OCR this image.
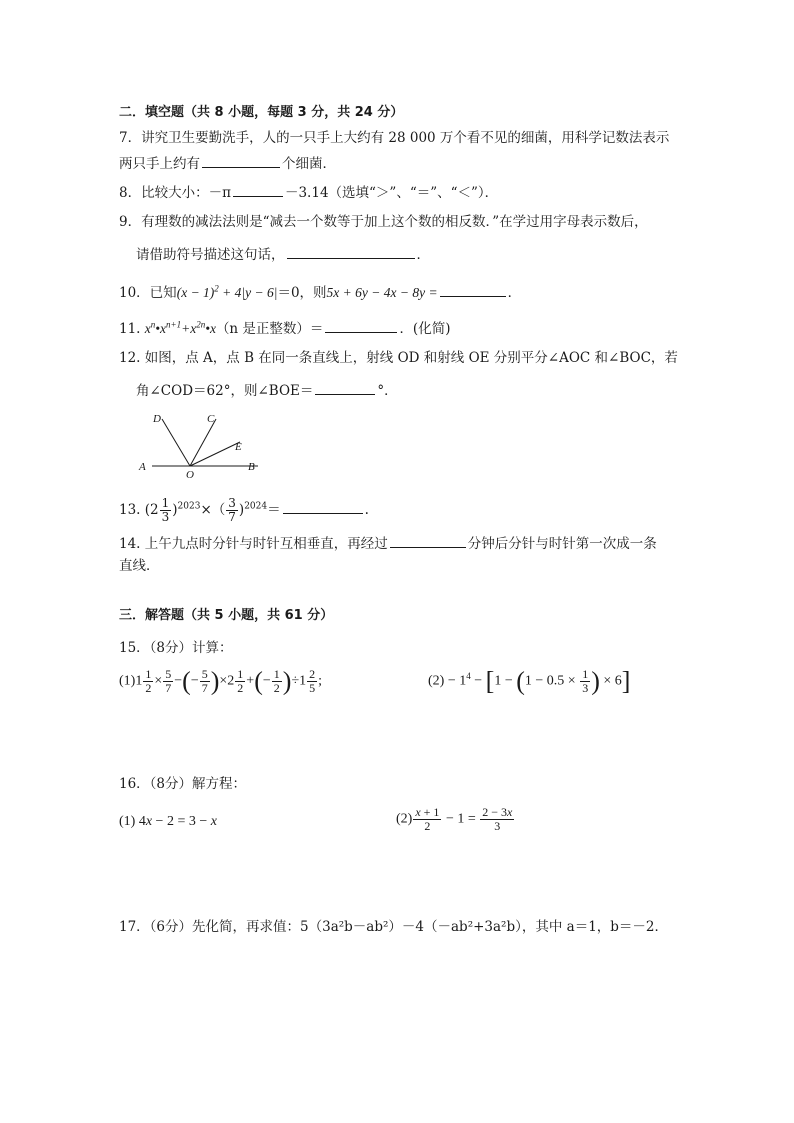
二．填空题（共 8 小题，每题 3 分，共 24 分）
7．讲究卫生要勤洗手，人的一只手上大约有 28 000 万个看不见的细菌，用科学记数法表示
两只手上约有	个细菌．
8．比较大小：－π	－3.14（选填“＞”、“＝”、“＜”）．
9．有理数的减法法则是“减去一个数等于加上这个数的相反数．”在学过用字母表示数后，
请借助符号描述这句话，	．
10．已知$(x - 1)^2 + 4|y - 6|=0$，则5x + 6y − 4x − 8y =	．
11. $x^n•x^{n+1}+x^{2n}•x(n$ 是正整数）＝	．(化简)
12. 如图，点 A，点 B 在同一条直线上，射线 OD 和射线 OE 分别平分∠AOC 和∠BOC，若
角∠COD＝62°，则∠BOE＝	°．
D	C
E
A
O
B
13. $(2 \frac{1}{3} )^{2023}\times( \frac{3}{7} )^{2024}=$	.
14. 上午九点时分针与时针互相垂直，再经过	分钟后分针与时针第一次成一条
直线．
三．解答题（共 5 小题，共 61 分）
15．（8分）计算：
$(1)1 \frac{1}{2} \times \frac{5}{7}$ −(− $\frac{5}{7} )\times 2 \frac{1}{2}$ +(− $\frac{1}{2} )\div 1 \frac{2}{5}$ ;	$(2) - 1^4 - [1 - (1 - 0.5 \times \frac{1}{3}$ ) × 6]
16．（8分）解方程：
(1) 4x − 2 = 3 − x	$(2) \frac{x + 1}{2} - 1 = \frac{2 - 3x}{3}$
17．（6分）先化简，再求值：5（3a²b－ab²）－4（－ab²+3a²b），其中 a＝1，b＝－2．
